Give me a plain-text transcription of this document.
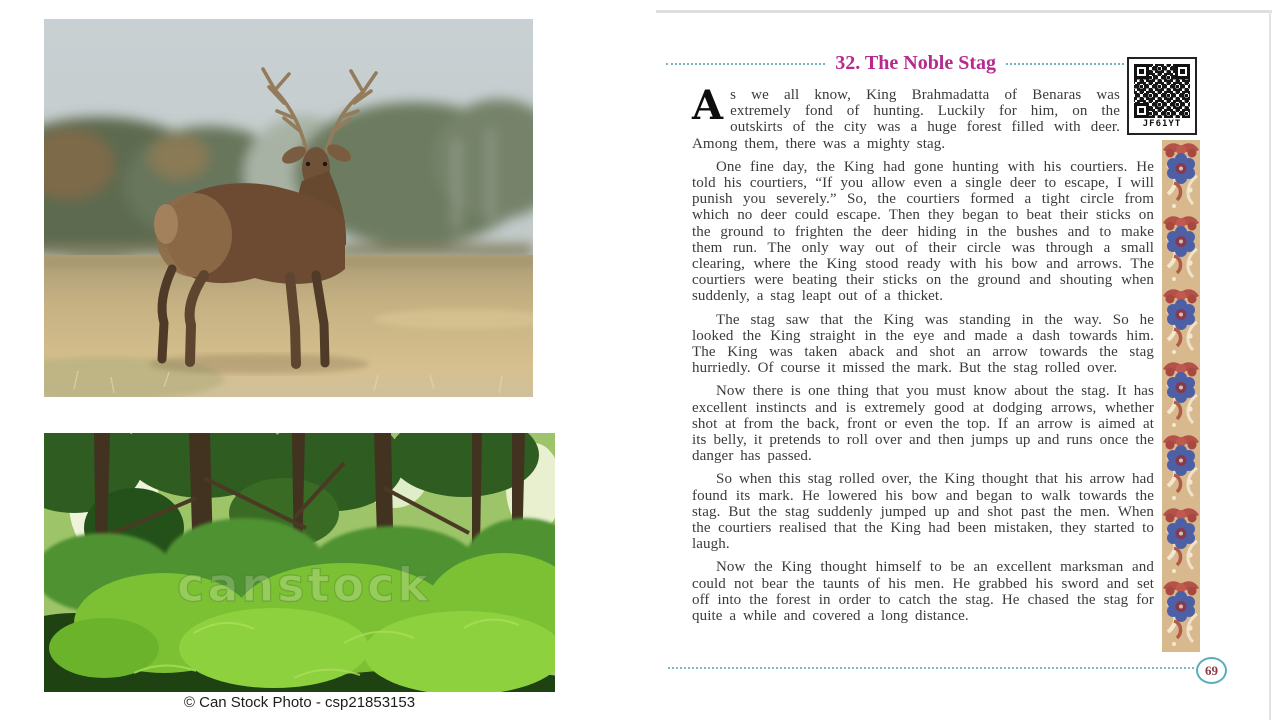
canstock
© Can Stock Photo - csp21853153
32. The Noble Stag
JF61YT

As we all know, King Brahmadatta of Benaras was extremely fond of hunting. Luckily for him, on the outskirts of the city was a huge forest filled with deer. Among them, there was a mighty stag.

One fine day, the King had gone hunting with his courtiers. He told his courtiers, “If you allow even a single deer to escape, I will punish you severely.” So, the courtiers formed a tight circle from which no deer could escape. Then they began to beat their sticks on the ground to frighten the deer hiding in the bushes and to make them run. The only way out of their circle was through a small clearing, where the King stood ready with his bow and arrows. The courtiers were beating their sticks on the ground and shouting when suddenly, a stag leapt out of a thicket.

The stag saw that the King was standing in the way. So he looked the King straight in the eye and made a dash towards him. The King was taken aback and shot an arrow towards the stag hurriedly. Of course it missed the mark. But the stag rolled over.

Now there is one thing that you must know about the stag. It has excellent instincts and is extremely good at dodging arrows, whether shot at from the back, front or even the top. If an arrow is aimed at its belly, it pretends to roll over and then jumps up and runs once the danger has passed.

So when this stag rolled over, the King thought that his arrow had found its mark. He lowered his bow and began to walk towards the stag. But the stag suddenly jumped up and shot past the men. When the courtiers realised that the King had been mistaken, they started to laugh.

Now the King thought himself to be an excellent marksman and could not bear the taunts of his men. He grabbed his sword and set off into the forest in order to catch the stag. He chased the stag for quite a while and covered a long distance.

69
